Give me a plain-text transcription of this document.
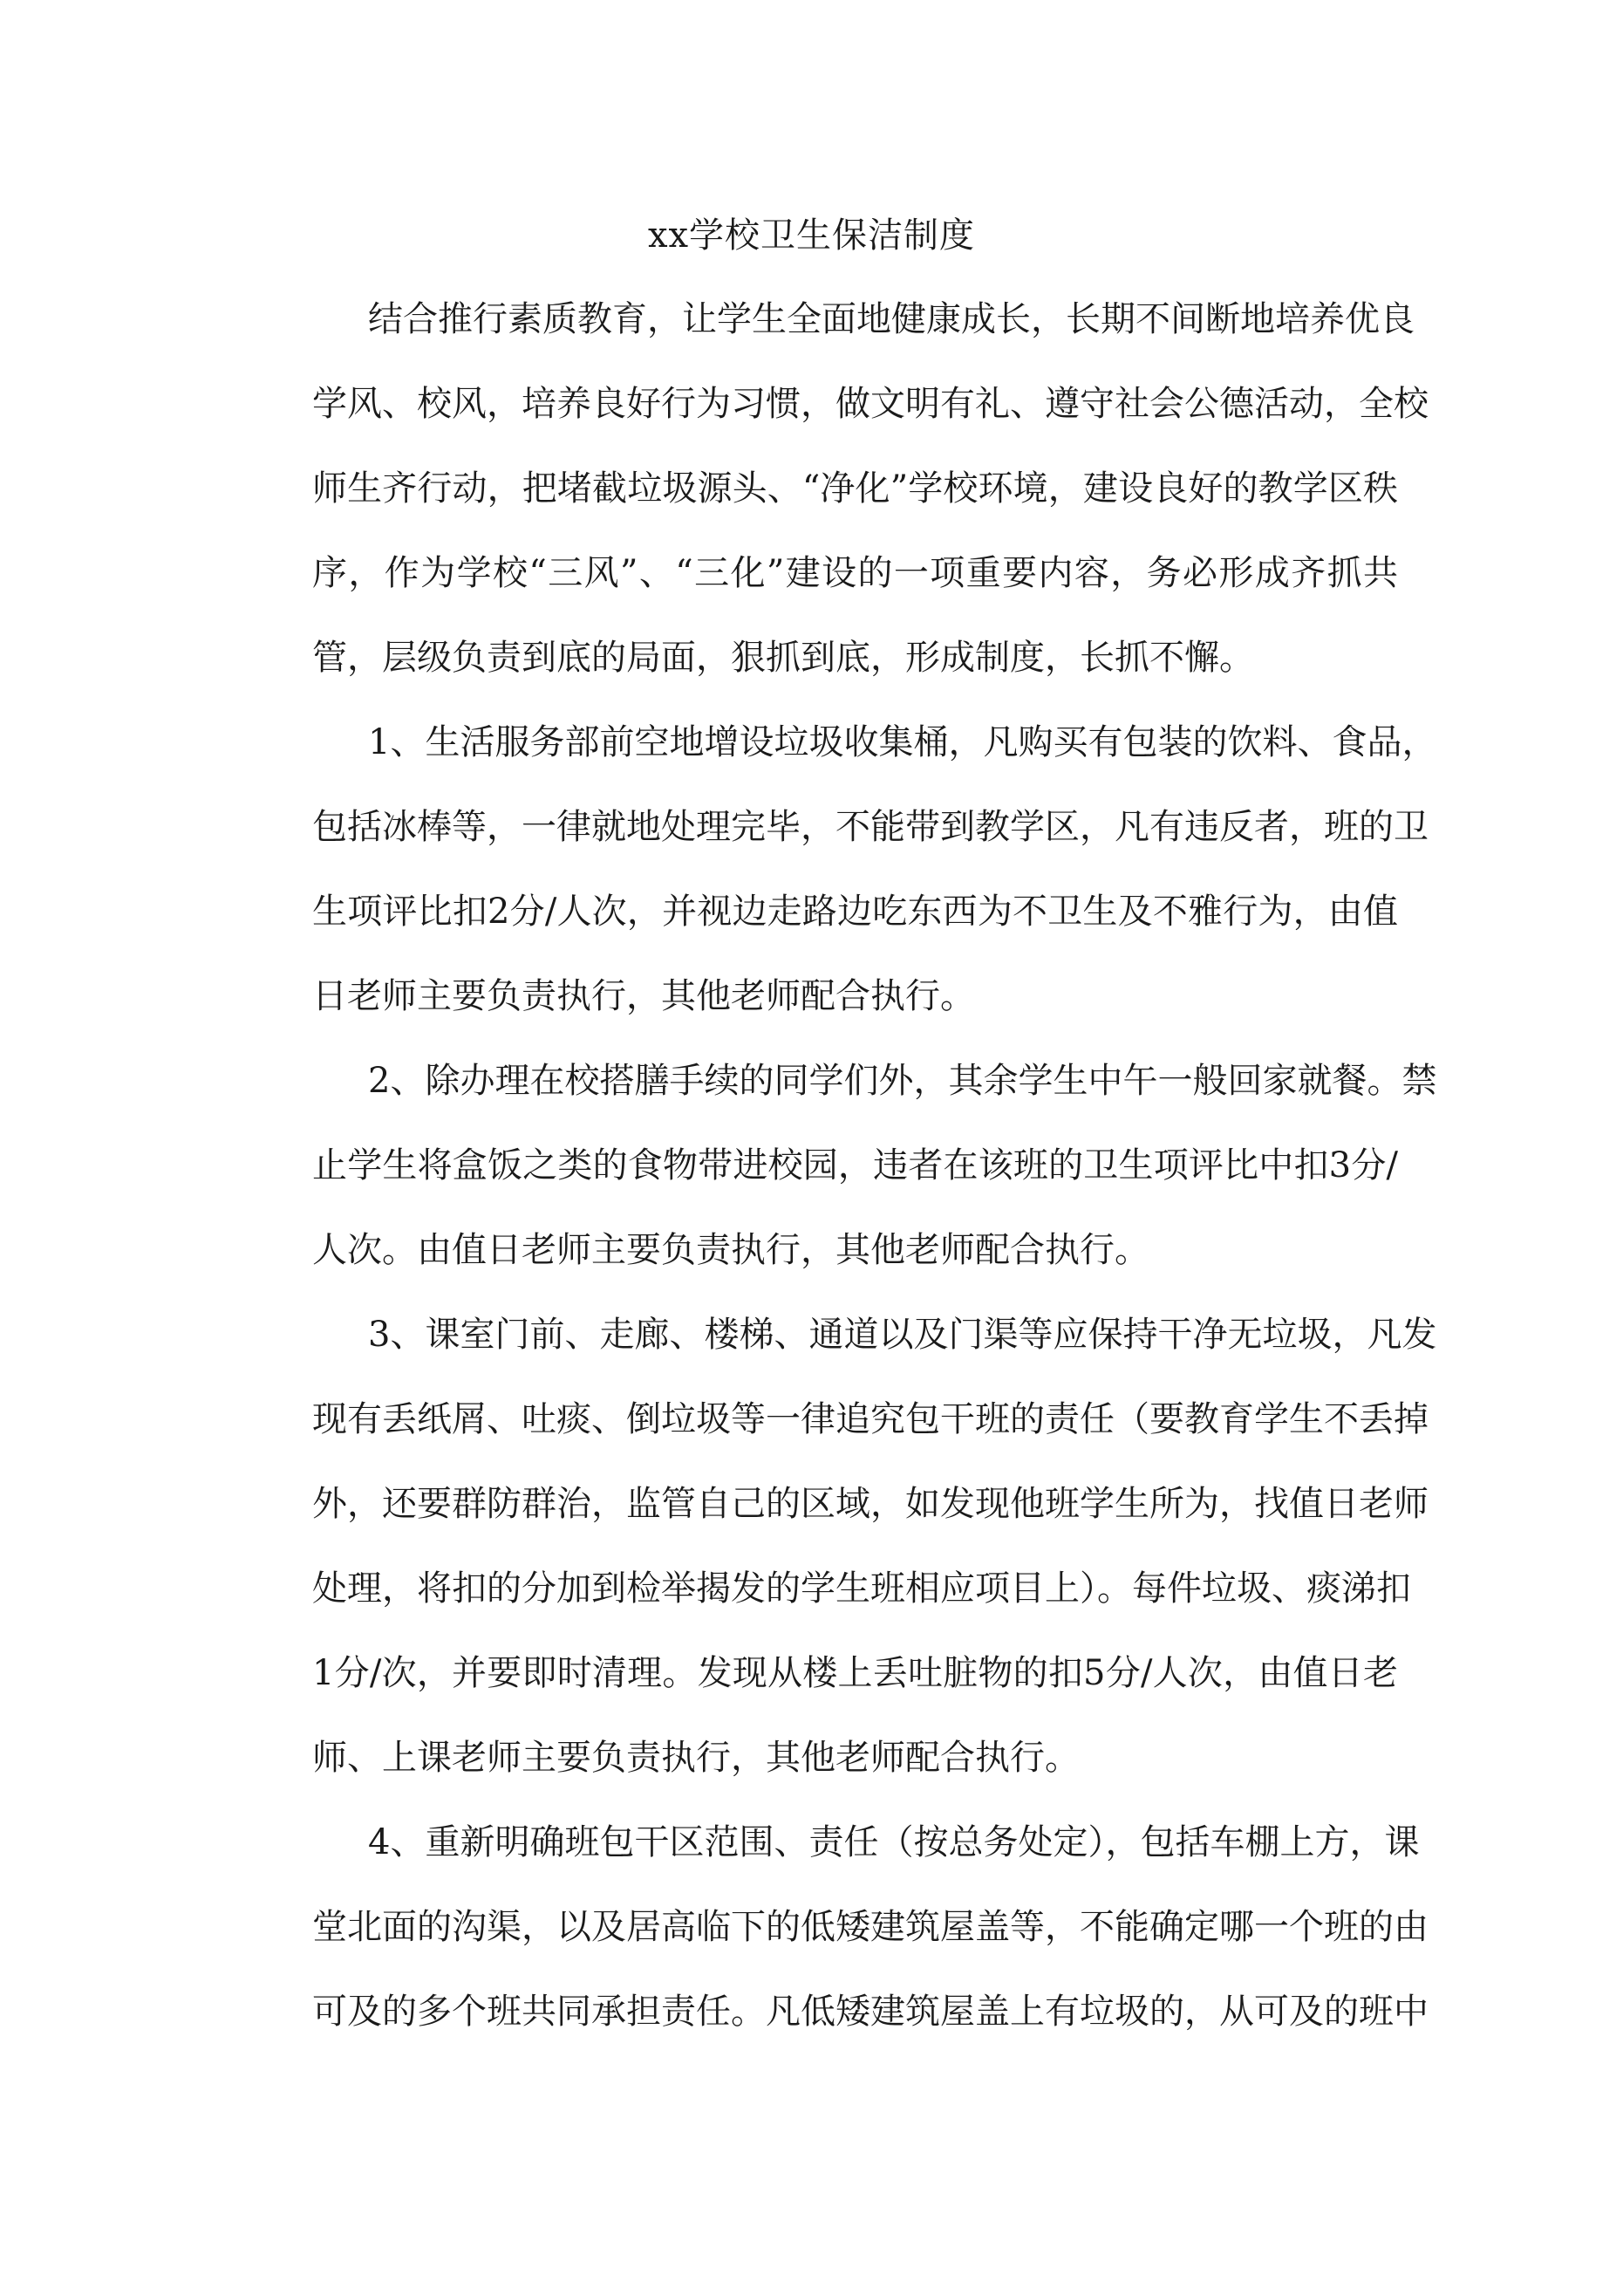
xx学校卫生保洁制度

结合推行素质教育，让学生全面地健康成长，长期不间断地培养优良
学风、校风，培养良好行为习惯，做文明有礼、遵守社会公德活动，全校
师生齐行动，把堵截垃圾源头、“净化”学校环境，建设良好的教学区秩
序，作为学校“三风”、“三化”建设的一项重要内容，务必形成齐抓共
管，层级负责到底的局面，狠抓到底，形成制度，长抓不懈。

1、生活服务部前空地增设垃圾收集桶，凡购买有包装的饮料、食品，
包括冰棒等，一律就地处理完毕，不能带到教学区，凡有违反者，班的卫
生项评比扣2分/人次，并视边走路边吃东西为不卫生及不雅行为，由值
日老师主要负责执行，其他老师配合执行。

2、除办理在校搭膳手续的同学们外，其余学生中午一般回家就餐。禁
止学生将盒饭之类的食物带进校园，违者在该班的卫生项评比中扣3分/
人次。由值日老师主要负责执行，其他老师配合执行。

3、课室门前、走廊、楼梯、通道以及门渠等应保持干净无垃圾，凡发
现有丢纸屑、吐痰、倒垃圾等一律追究包干班的责任（要教育学生不丢掉
外，还要群防群治，监管自己的区域，如发现他班学生所为，找值日老师
处理，将扣的分加到检举揭发的学生班相应项目上）。每件垃圾、痰涕扣
1分/次，并要即时清理。发现从楼上丢吐脏物的扣5分/人次，由值日老
师、上课老师主要负责执行，其他老师配合执行。

4、重新明确班包干区范围、责任（按总务处定），包括车棚上方，课
堂北面的沟渠，以及居高临下的低矮建筑屋盖等，不能确定哪一个班的由
可及的多个班共同承担责任。凡低矮建筑屋盖上有垃圾的，从可及的班中
